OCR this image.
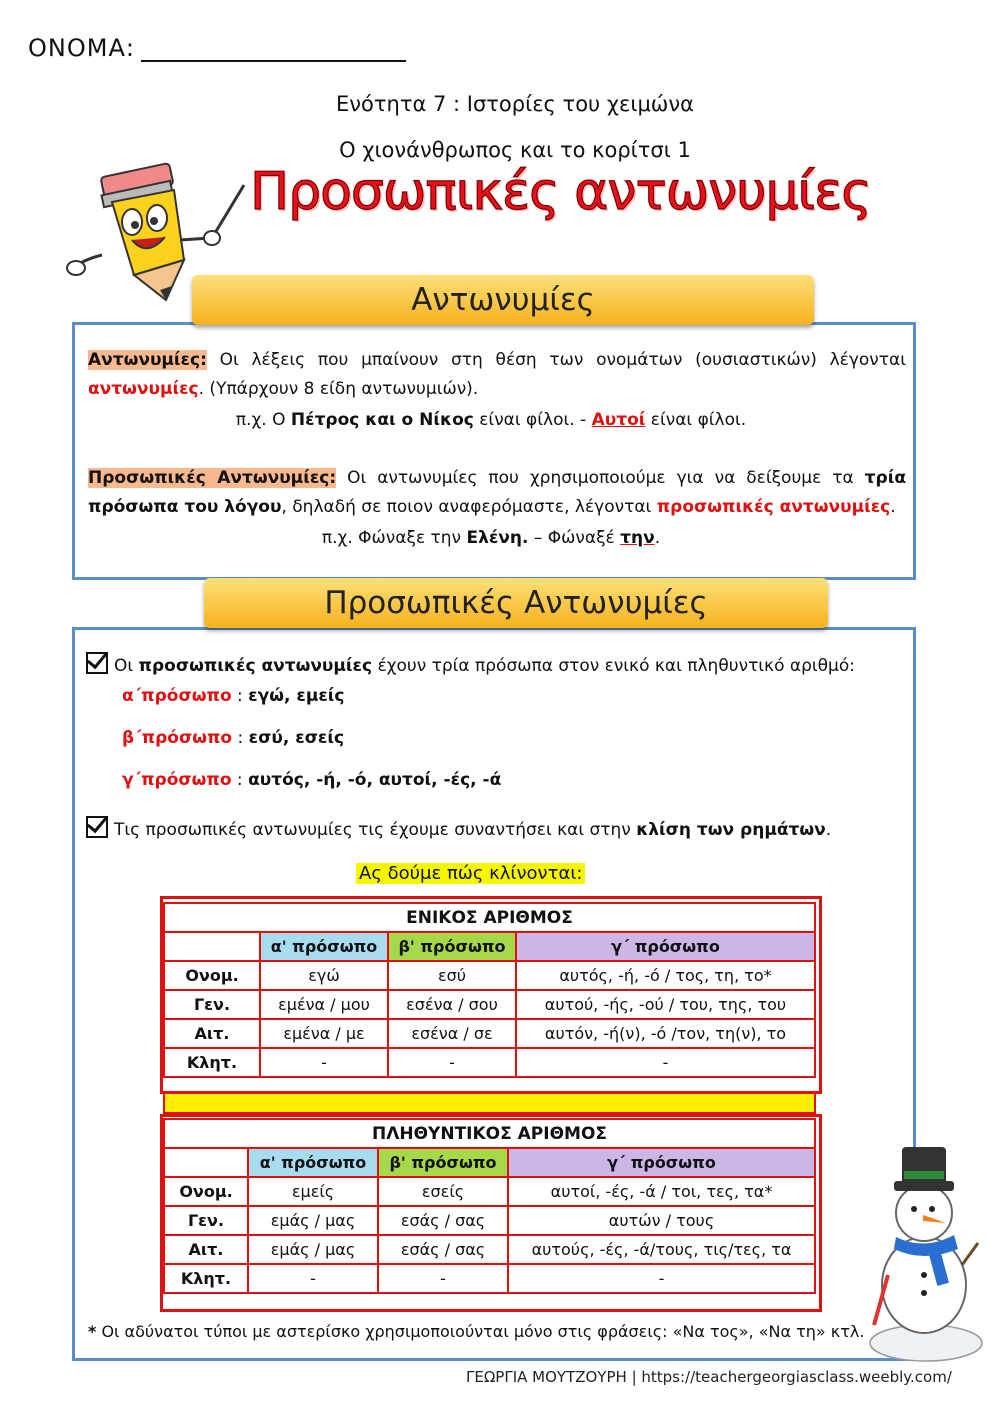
ΟΝΟΜΑ:
Ενότητα 7 : Ιστορίες του χειμώνα
Ο χιονάνθρωπος και το κορίτσι 1
Προσωπικές αντωνυμίες
Αντωνυμίες
Αντωνυμίες: Οι λέξεις που μπαίνουν στη θέση των ονομάτων (ουσιαστικών) λέγονται αντωνυμίες. (Υπάρχουν 8 είδη αντωνυμιών).
π.χ. Ο Πέτρος και ο Νίκος είναι φίλοι. - Αυτοί είναι φίλοι.
Προσωπικές Αντωνυμίες: Οι αντωνυμίες που χρησιμοποιούμε για να δείξουμε τα τρία πρόσωπα του λόγου, δηλαδή σε ποιον αναφερόμαστε, λέγονται προσωπικές αντωνυμίες.
π.χ. Φώναξε την Ελένη. – Φώναξέ την.
Προσωπικές Αντωνυμίες
Οι προσωπικές αντωνυμίες έχουν τρία πρόσωπα στον ενικό και πληθυντικό αριθμό:
α΄πρόσωπο : εγώ, εμείς
β΄πρόσωπο : εσύ, εσείς
γ΄πρόσωπο : αυτός, -ή, -ό, αυτοί, -ές, -ά
Τις προσωπικές αντωνυμίες τις έχουμε συναντήσει και στην κλίση των ρημάτων.
Ας δούμε πώς κλίνονται:
ΕΝΙΚΟΣ ΑΡΙΘΜΟΣ			
	α' πρόσωπο	β' πρόσωπο	γ΄ πρόσωπο
Ονομ.	εγώ	εσύ	αυτός, -ή, -ό / τος, τη, το*
Γεν.	εμένα / μου	εσένα / σου	αυτού, -ής, -ού / του, της, του
Αιτ.	εμένα / με	εσένα / σε	αυτόν, -ή(ν), -ό /τον, τη(ν), το
Κλητ.	-	-	-
ΠΛΗΘΥΝΤΙΚΟΣ ΑΡΙΘΜΟΣ			
	α' πρόσωπο	β' πρόσωπο	γ΄ πρόσωπο
Ονομ.	εμείς	εσείς	αυτοί, -ές, -ά / τοι, τες, τα*
Γεν.	εμάς / μας	εσάς / σας	αυτών / τους
Αιτ.	εμάς / μας	εσάς / σας	αυτούς, -ές, -ά/τους, τις/τες, τα
Κλητ.	-	-	-
* Οι αδύνατοι τύποι με αστερίσκο χρησιμοποιούνται μόνο στις φράσεις: «Να τος», «Να τη» κτλ.
ΓΕΩΡΓΙΑ ΜΟΥΤΖΟΥΡΗ | https://teachergeorgiasclass.weebly.com/
